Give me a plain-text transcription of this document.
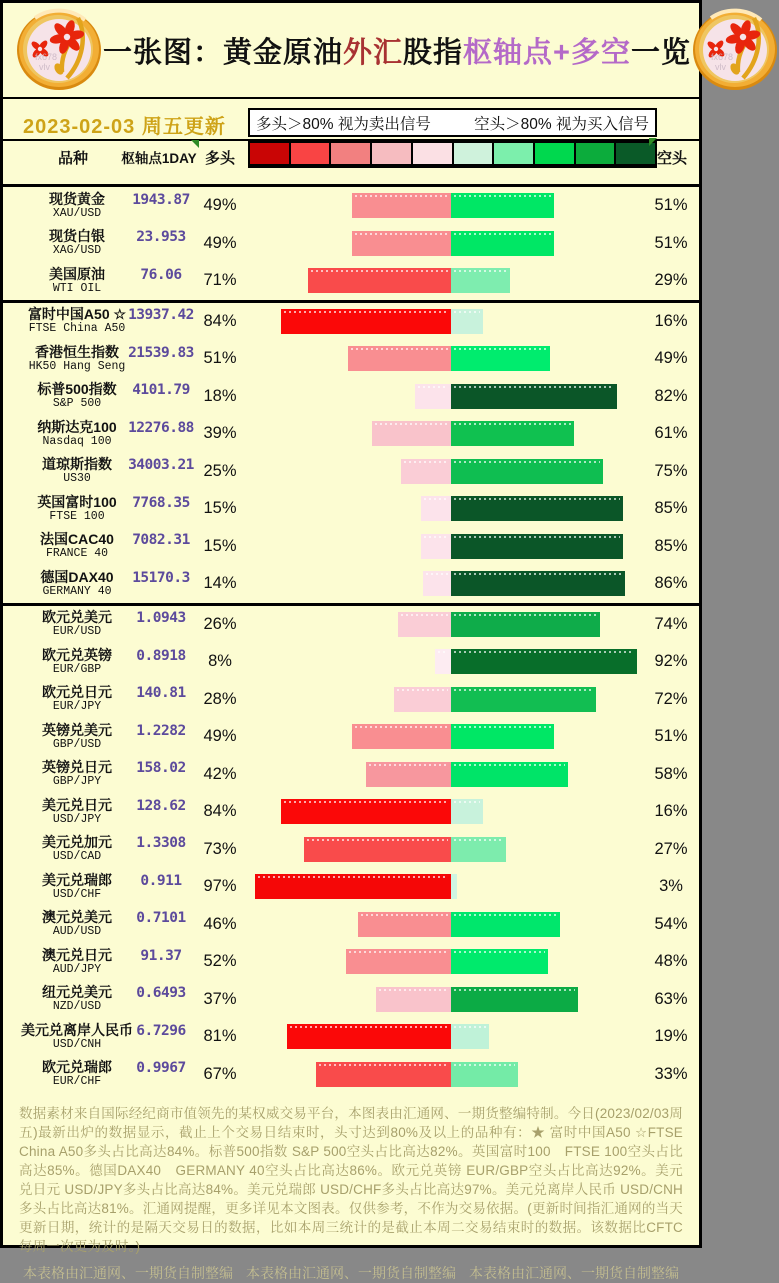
fx678
vlv 一张图：黄金原油外汇股指枢轴点+多空一览 fx678
vlv
2023-02-03 周五更新 多头＞80% 视为卖出信号	空头＞80% 视为买入信号
品种	枢轴点1DAY 多头	空头
现货黄金
XAU/USD
1943.87 49%	51%
现货白银
XAG/USD
23.953	49%	51%
美国原油
WTI OIL
76.06	71%	29%
富时中国A50 ☆
FTSE China A50
13937.42 84%	16%
香港恒生指数
HK50 Hang Seng
21539.83 51%	49%
标普500指数
S&P 500
4101.79 18%	82%
纳斯达克100
Nasdaq 100
12276.88 39%	61%
道琼斯指数
US30
34003.21 25%	75%
英国富时100
FTSE 100
7768.35 15%	85%
法国CAC40
FRANCE 40
7082.31 15%	85%
德国DAX40
GERMANY 40
15170.3 14%	86%
欧元兑美元
EUR/USD
1.0943	26%	74%
欧元兑英镑
EUR/GBP
0.8918	8%	92%
欧元兑日元
EUR/JPY
140.81	28%	72%
英镑兑美元
GBP/USD
1.2282	49%	51%
英镑兑日元
GBP/JPY
158.02	42%	58%
美元兑日元
USD/JPY
128.62	84%	16%
美元兑加元
USD/CAD
1.3308	73%	27%
美元兑瑞郎
USD/CHF
0.911	97%	3%
澳元兑美元
AUD/USD
0.7101	46%	54%
澳元兑日元
AUD/JPY
91.37	52%	48%
纽元兑美元
NZD/USD
0.6493	37%	63%
美元兑离岸人民币
USD/CNH
6.7296	81%	19%
欧元兑瑞郎
EUR/CHF
0.9967	67%	33%

数据素材来自国际经纪商市值领先的某权威交易平台，本图表由汇通网、一期货整编特制。今日(2023/02/03周五)最新出炉的数据显示，截止上个交易日结束时，头寸达到80%及以上的品种有：★ 富时中国A50 ☆FTSE China A50多头占比高达84%。标普500指数 S&P 500空头占比高达82%。英国富时100　FTSE 100空头占比高达85%。德国DAX40　GERMANY 40空头占比高达86%。欧元兑英镑 EUR/GBP空头占比高达92%。美元兑日元 USD/JPY多头占比高达84%。美元兑瑞郎 USD/CHF多头占比高达97%。美元兑离岸人民币 USD/CNH多头占比高达81%。汇通网提醒，更多详见本文图表。仅供参考，不作为交易依据。(更新时间指汇通网的当天更新日期，统计的是隔天交易日的数据，比如本周三统计的是截止本周二交易结束时的数据。该数据比CFTC每周一次更为及时。)

本表格由汇通网、一期货自制整编 本表格由汇通网、一期货自制整编 本表格由汇通网、一期货自制整编
